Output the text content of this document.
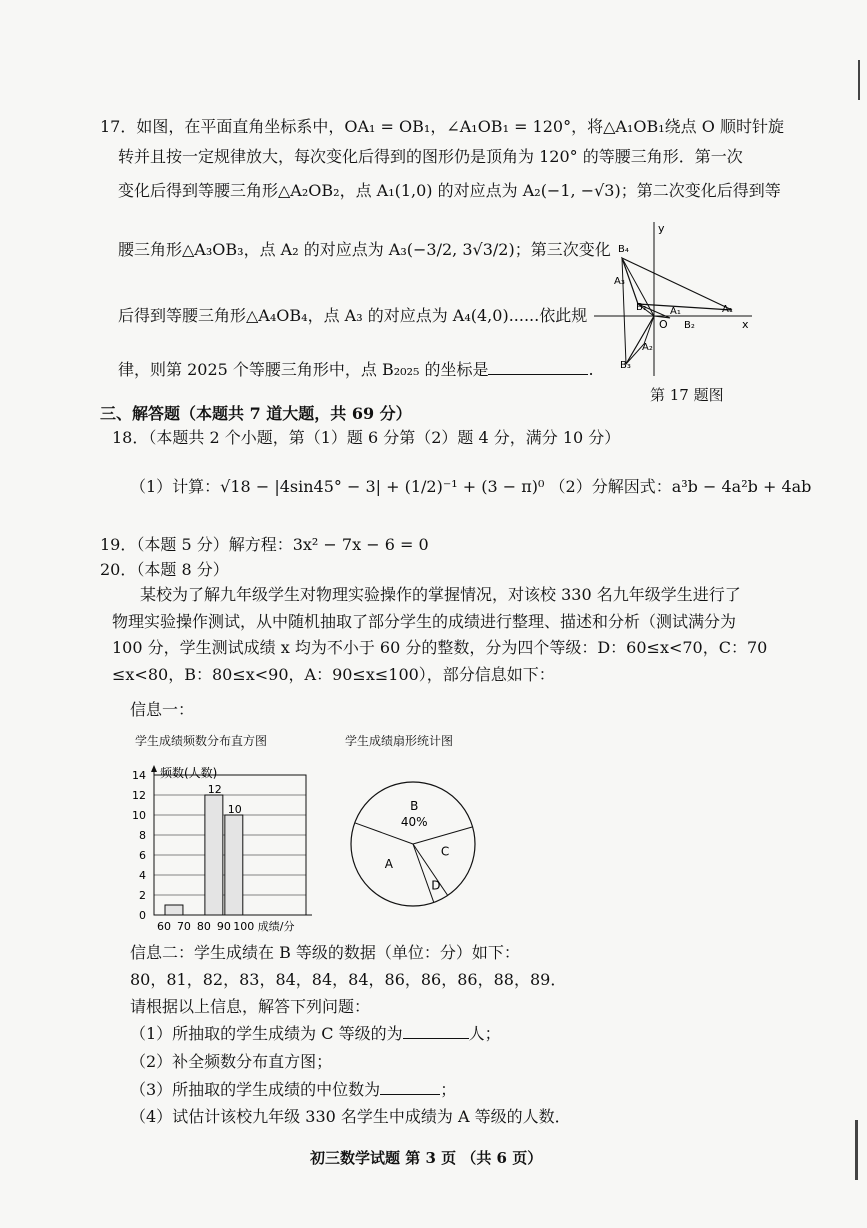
17．如图，在平面直角坐标系中，OA₁ = OB₁，∠A₁OB₁ = 120°，将△A₁OB₁绕点 O 顺时针旋
转并且按一定规律放大，每次变化后得到的图形仍是顶角为 120° 的等腰三角形．第一次
变化后得到等腰三角形△A₂OB₂，点 A₁(1,0) 的对应点为 A₂(−1, −√3)；第二次变化后得到等
腰三角形△A₃OB₃，点 A₂ 的对应点为 A₃(−3/2, 3√3/2)；第三次变化
后得到等腰三角形△A₄OB₄，点 A₃ 的对应点为 A₄(4,0)......依此规
律，则第 2025 个等腰三角形中，点 B₂₀₂₅ 的坐标是	.
y
x
O
B₄
A₃
B₁ A₁	A₁
B₂
A₂
B₃
第 17 题图
三、解答题（本题共 7 道大题，共 69 分）
18．（本题共 2 个小题，第（1）题 6 分第（2）题 4 分，满分 10 分）
（1）计算：√18 − |4sin45° − 3| + (1/2)⁻¹ + (3 − π)⁰ （2）分解因式：a³b − 4a²b + 4ab
19．（本题 5 分）解方程：3x² − 7x − 6 = 0
20．（本题 8 分）
某校为了解九年级学生对物理实验操作的掌握情况，对该校 330 名九年级学生进行了
物理实验操作测试，从中随机抽取了部分学生的成绩进行整理、描述和分析（测试满分为
100 分，学生测试成绩 x 均为不小于 60 分的整数，分为四个等级：D：60≤x<70，C：70
≤x<80，B：80≤x<90，A：90≤x≤100），部分信息如下：
信息一：
学生成绩频数分布直方图	学生成绩扇形统计图
0
2
4
6
8
10
12
14
60 70 80 90 100
12
10
频数(人数)
成绩/分
B
40%
C
D
A
信息二：学生成绩在 B 等级的数据（单位：分）如下：
80，81，82，83，84，84，84，86，86，86，88，89．
请根据以上信息，解答下列问题：
（1）所抽取的学生成绩为 C 等级的为	人；
（2）补全频数分布直方图；
（3）所抽取的学生成绩的中位数为	；
（4）试估计该校九年级 330 名学生中成绩为 A 等级的人数．
初三数学试题 第 3 页 （共 6 页）
